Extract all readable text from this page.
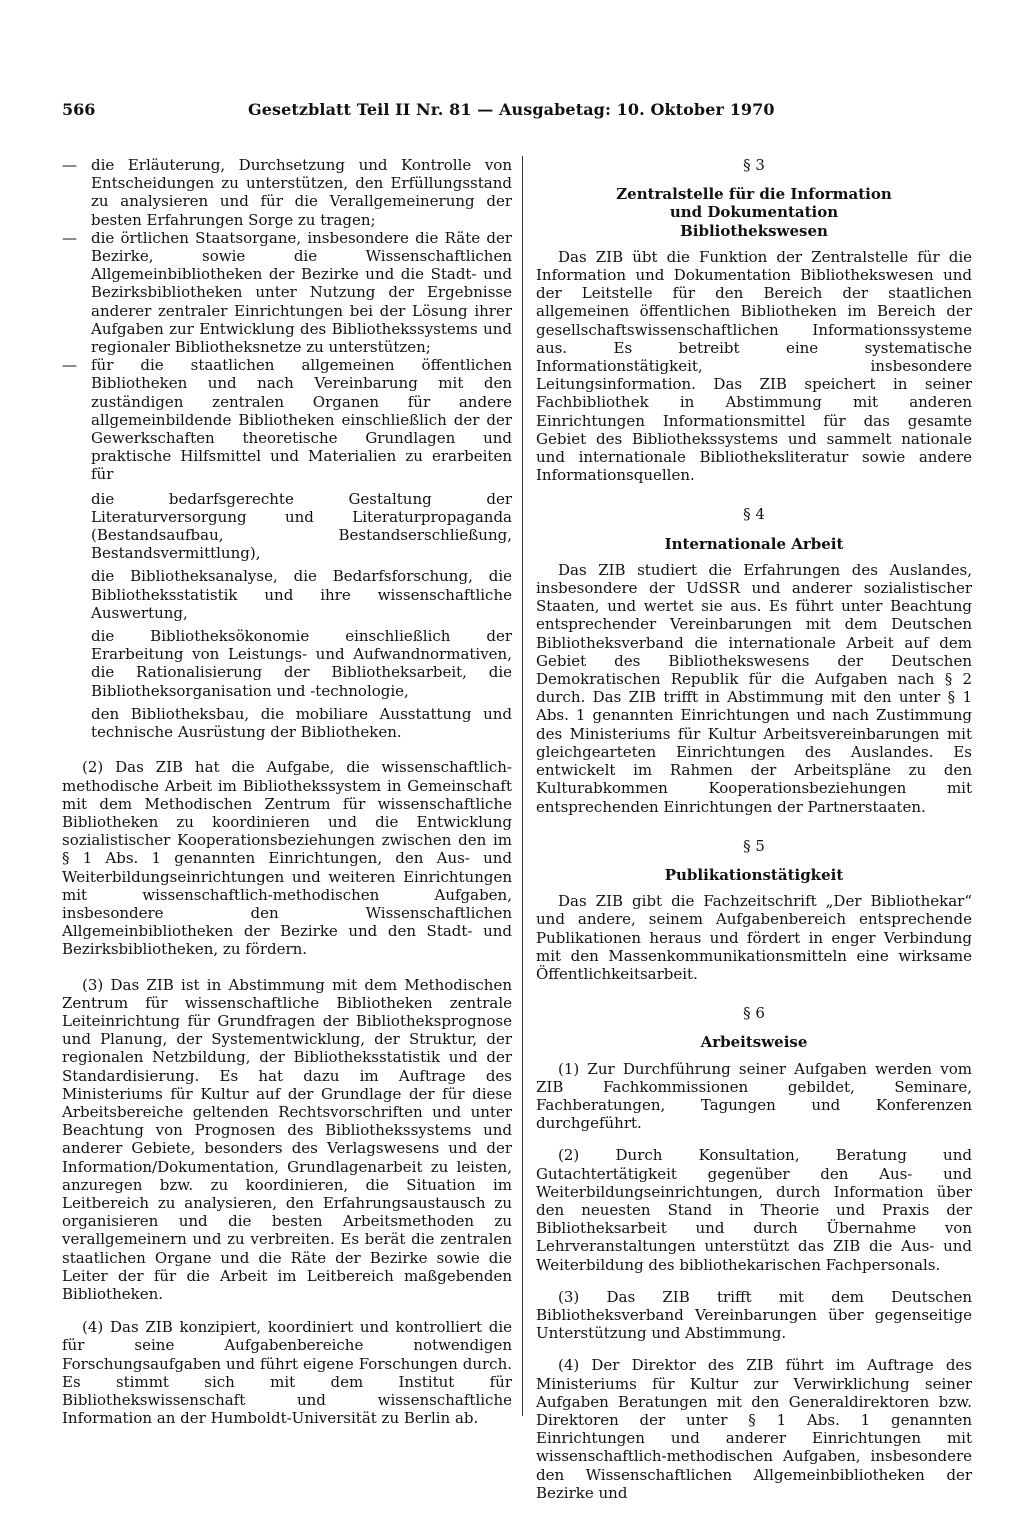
566	Gesetzblatt Teil II Nr. 81 — Ausgabetag: 10. Oktober 1970

— die Erläuterung, Durchsetzung und Kontrolle von Entscheidungen zu unterstützen, den Erfüllungsstand zu analysieren und für die Verallgemeinerung der besten Erfahrungen Sorge zu tragen;

— die örtlichen Staatsorgane, insbesondere die Räte der Bezirke, sowie die Wissenschaftlichen Allgemeinbibliotheken der Bezirke und die Stadt- und Bezirksbibliotheken unter Nutzung der Ergebnisse anderer zentraler Einrichtungen bei der Lösung ihrer Aufgaben zur Entwicklung des Bibliothekssystems und regionaler Bibliotheksnetze zu unterstützen;

— für die staatlichen allgemeinen öffentlichen Bibliotheken und nach Vereinbarung mit den zuständigen zentralen Organen für andere allgemeinbildende Bibliotheken einschließlich der der Gewerkschaften theoretische Grundlagen und praktische Hilfsmittel und Materialien zu erarbeiten für

die bedarfsgerechte Gestaltung der Literaturversorgung und Literaturpropaganda (Bestandsaufbau, Bestandserschließung, Bestandsvermittlung),

die Bibliotheksanalyse, die Bedarfsforschung, die Bibliotheksstatistik und ihre wissenschaftliche Auswertung,

die Bibliotheksökonomie einschließlich der Erarbeitung von Leistungs- und Aufwandnormativen, die Rationalisierung der Bibliotheksarbeit, die Bibliotheksorganisation und -technologie,

den Bibliotheksbau, die mobiliare Ausstattung und technische Ausrüstung der Bibliotheken.

(2) Das ZIB hat die Aufgabe, die wissenschaftlich-methodische Arbeit im Bibliothekssystem in Gemeinschaft mit dem Methodischen Zentrum für wissenschaftliche Bibliotheken zu koordinieren und die Entwicklung sozialistischer Kooperationsbeziehungen zwischen den im § 1 Abs. 1 genannten Einrichtungen, den Aus- und Weiterbildungseinrichtungen und weiteren Einrichtungen mit wissenschaftlich-methodischen Aufgaben, insbesondere den Wissenschaftlichen Allgemeinbibliotheken der Bezirke und den Stadt- und Bezirksbibliotheken, zu fördern.

(3) Das ZIB ist in Abstimmung mit dem Methodischen Zentrum für wissenschaftliche Bibliotheken zentrale Leiteinrichtung für Grundfragen der Bibliotheksprognose und Planung, der Systementwicklung, der Struktur, der regionalen Netzbildung, der Bibliotheksstatistik und der Standardisierung. Es hat dazu im Auftrage des Ministeriums für Kultur auf der Grundlage der für diese Arbeitsbereiche geltenden Rechtsvorschriften und unter Beachtung von Prognosen des Bibliothekssystems und anderer Gebiete, besonders des Verlagswesens und der Information/Dokumentation, Grundlagenarbeit zu leisten, anzuregen bzw. zu koordinieren, die Situation im Leitbereich zu analysieren, den Erfahrungsaustausch zu organisieren und die besten Arbeitsmethoden zu verallgemeinern und zu verbreiten. Es berät die zentralen staatlichen Organe und die Räte der Bezirke sowie die Leiter der für die Arbeit im Leitbereich maßgebenden Bibliotheken.

(4) Das ZIB konzipiert, koordiniert und kontrolliert die für seine Aufgabenbereiche notwendigen Forschungsaufgaben und führt eigene Forschungen durch. Es stimmt sich mit dem Institut für Bibliothekswissenschaft und wissenschaftliche Information an der Humboldt-Universität zu Berlin ab.

§ 3
Zentralstelle für die Information und Dokumentation Bibliothekswesen

Das ZIB übt die Funktion der Zentralstelle für die Information und Dokumentation Bibliothekswesen und der Leitstelle für den Bereich der staatlichen allgemeinen öffentlichen Bibliotheken im Bereich der gesellschaftswissenschaftlichen Informationssysteme aus. Es betreibt eine systematische Informationstätigkeit, insbesondere Leitungsinformation. Das ZIB speichert in seiner Fachbibliothek in Abstimmung mit anderen Einrichtungen Informationsmittel für das gesamte Gebiet des Bibliothekssystems und sammelt nationale und internationale Bibliotheksliteratur sowie andere Informationsquellen.

§ 4
Internationale Arbeit

Das ZIB studiert die Erfahrungen des Auslandes, insbesondere der UdSSR und anderer sozialistischer Staaten, und wertet sie aus. Es führt unter Beachtung entsprechender Vereinbarungen mit dem Deutschen Bibliotheksverband die internationale Arbeit auf dem Gebiet des Bibliothekswesens der Deutschen Demokratischen Republik für die Aufgaben nach § 2 durch. Das ZIB trifft in Abstimmung mit den unter § 1 Abs. 1 genannten Einrichtungen und nach Zustimmung des Ministeriums für Kultur Arbeitsvereinbarungen mit gleichgearteten Einrichtungen des Auslandes. Es entwickelt im Rahmen der Arbeitspläne zu den Kulturabkommen Kooperationsbeziehungen mit entsprechenden Einrichtungen der Partnerstaaten.

§ 5
Publikationstätigkeit

Das ZIB gibt die Fachzeitschrift „Der Bibliothekar“ und andere, seinem Aufgabenbereich entsprechende Publikationen heraus und fördert in enger Verbindung mit den Massenkommunikationsmitteln eine wirksame Öffentlichkeitsarbeit.

§ 6
Arbeitsweise

(1) Zur Durchführung seiner Aufgaben werden vom ZIB Fachkommissionen gebildet, Seminare, Fachberatungen, Tagungen und Konferenzen durchgeführt.

(2) Durch Konsultation, Beratung und Gutachtertätigkeit gegenüber den Aus- und Weiterbildungseinrichtungen, durch Information über den neuesten Stand in Theorie und Praxis der Bibliotheksarbeit und durch Übernahme von Lehrveranstaltungen unterstützt das ZIB die Aus- und Weiterbildung des bibliothekarischen Fachpersonals.

(3) Das ZIB trifft mit dem Deutschen Bibliotheksverband Vereinbarungen über gegenseitige Unterstützung und Abstimmung.

(4) Der Direktor des ZIB führt im Auftrage des Ministeriums für Kultur zur Verwirklichung seiner Aufgaben Beratungen mit den Generaldirektoren bzw. Direktoren der unter § 1 Abs. 1 genannten Einrichtungen und anderer Einrichtungen mit wissenschaftlich-methodischen Aufgaben, insbesondere den Wissenschaftlichen Allgemeinbibliotheken der Bezirke und
